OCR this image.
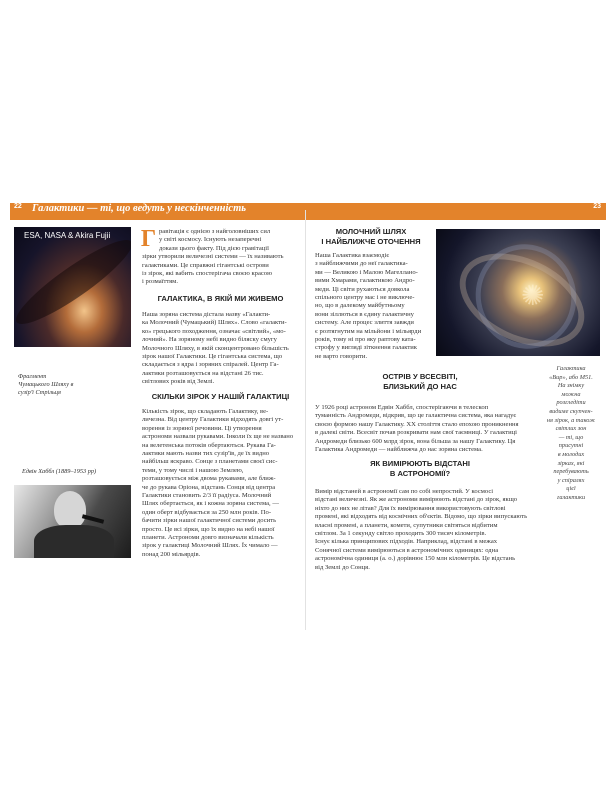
22 Галактики — ті, що ведуть у нескінченність	23
ESA, NASA & Akira Fujii
Фрагмент Чумацького Шляху в сузір'ї Стрільця
Едвін Хаббл (1889–1953 рр)
Г равітація є однією з найголовніших сил
у світі космосу. Існують незаперечні
докази цього факту. Під дією гравітації
зірки утворили величезні системи — їх називають
галактиками. Це справжні гігантські острови
із зірок, які вабить спостерігача своєю красою
і розмаїттям.
ГАЛАКТИКА, В ЯКІЙ МИ ЖИВЕМО
Наша зоряна система дістала назву «Галакти-
ка Молочний (Чумацький) Шлях». Слово «галакти-
ко» грецького походження, означає «світлий», «мо-
лочний». На зоряному небі видно біляску смугу
Молочного Шляху, в якій сконцентровано більшість
зірок нашої Галактики. Це гігантська система, що
складається з ядра і зоряних спіралей. Центр Га-
лактики розташовується на відстані 26 тис.
світлових років від Землі.
СКІЛЬКИ ЗІРОК У НАШІЙ ГАЛАКТИЦІ
Кількість зірок, що складають Галактику, ве-
личезна. Від центру Галактики відходять довгі ут-
ворення із зоряної речовини. Ці утворення
астрономи назвали рукавами. Інколи їх ще не названо
на велетенська потоків обертаються. Рукава Га-
лактики мають назви тих сузір'їв, де їх видно
найбільш яскраво. Сонце з планетами своєї сис-
теми, у тому числі і нашою Землею,
розташовується між двома рукавами, але ближ-
че до рукава Оріона, відстань Сонця від центра
Галактики становить 2/3 її радіуса. Молочний
Шлях обертається, як і кожна зоряна система, —
один оберт відбувається за 250 млн років. По-
бачити зірки нашої галактичної системи досить
просто. Це всі зірки, що їх видно на небі нашої
планети. Астрономи довго визначали кількість
зірок у галактиці Молочний Шлях. Їх чимало —
понад 200 мільярдів.
МОЛОЧНИЙ ШЛЯХ
І НАЙБЛИЖЧЕ ОТОЧЕННЯ
Наша Галактика взаємодіє
з найближчими до неї галактика-
ми — Великою і Малою Магеллано-
вими Хмарами, галактикою Андро-
меди. Ці світи рухаються довкола
спільного центру мас і не виключе-
но, що в далекому майбутньому
вони зіллються в єдину галактичну
систему. Але процес злиття завжди
є розтягнутим на мільйони і мільярди
років, тому ні про яку раптову ката-
строфу у вигляді зіткнення галактик
не варто говорити.
✺
ОСТРІВ У ВСЕСВІТІ,
БЛИЗЬКИЙ ДО НАС
У 1926 році астроном Едвін Хаббл, спостерігаючи в телескоп
туманність Андромеди, відкрив, що це галактична система, яка нагадує
своєю формою нашу Галактику. XX століття стало епохою проникнення
в далекі світи. Всесвіт почав розкривати нам свої таємниці. У галактиці
Андромеди близько 600 млрд зірок, вона більша за нашу Галактику. Ця
Галактика Андромеди — найближча до нас зоряна система.
ЯК ВИМІРЮЮТЬ ВІДСТАНІ
В АСТРОНОМІЇ?
Вимір відстаней в астрономії сам по собі непростий. У космосі
відстані величезні. Як же астрономи вимірюють відстані до зірок, якщо
ніхто до них не літав? Для їх вимірювання використовують світлові
промені, які відходять від космічних об'єктів. Відомо, що зірки випускають
власні промені, а планети, комети, супутники світяться відбитим
світлом. За 1 секунду світло проходить 300 тисяч кілометрів.
Існує кілька принципових підходів. Наприклад, відстані в межах
Сонячної системи вимірюються в астрономічних одиницях: одна
астрономічна одиниця (а. о.) дорівнює 150 млн кілометрів. Це відстань
від Землі до Сонця.
Галактика
«Вир», або М51.
На знімку
можна
розгледіти
видиме скупчен-
ня зірок, а також
світлих зон
— ті, що
присутні
в молодих
зірках, які
перебувають
у спіралях
цієї
галактики
